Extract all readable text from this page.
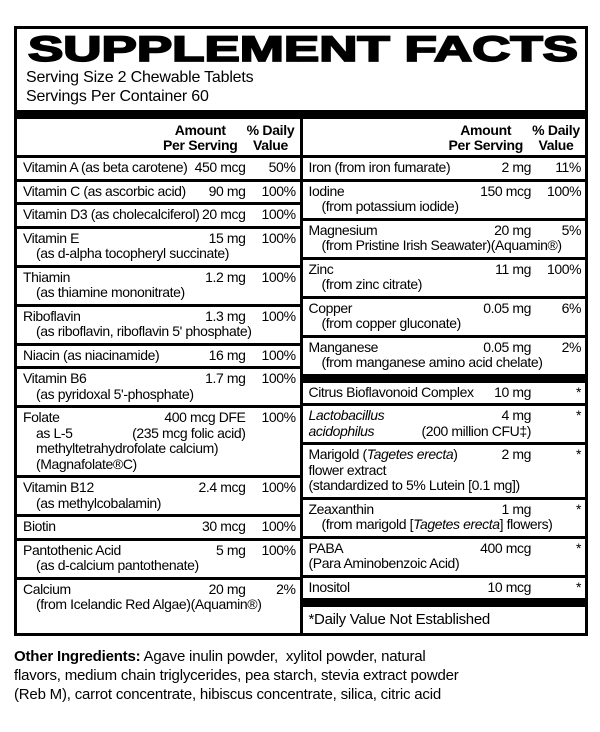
SUPPLEMENT FACTS
Serving Size 2 Chewable Tablets
Servings Per Container 60
Amount
Per Serving
% Daily
Value
Vitamin A (as beta carotene) 450 mcg	50%
Vitamin C (as ascorbic acid) 90 mg	100%
Vitamin D3 (as cholecalciferol) 20 mcg	100%
Vitamin E	15 mg	100%
(as d-alpha tocopheryl succinate)
Thiamin	1.2 mg	100%
(as thiamine mononitrate)
Riboflavin	1.3 mg	100%
(as riboflavin, riboflavin 5' phosphate)
Niacin (as niacinamide)	16 mg	100%
Vitamin B6	1.7 mg	100%
(as pyridoxal 5'-phosphate)
Folate	400 mcg DFE	100%
as L-5	(235 mcg folic acid)
methyltetrahydrofolate calcium)
(Magnafolate®C)
Vitamin B12	2.4 mcg	100%
(as methylcobalamin)
Biotin	30 mcg	100%
Pantothenic Acid	5 mg	100%
(as d-calcium pantothenate)
Calcium	20 mg	2%
(from Icelandic Red Algae)(Aquamin®)
Amount
Per Serving
% Daily
Value
Iron (from iron fumarate)	2 mg	11%
Iodine	150 mcg	100%
(from potassium iodide)
Magnesium	20 mg	5%
(from Pristine Irish Seawater)(Aquamin®)
Zinc	11 mg	100%
(from zinc citrate)
Copper	0.05 mg	6%
(from copper gluconate)
Manganese	0.05 mg	2%
(from manganese amino acid chelate)
Citrus Bioflavonoid Complex 10 mg	*
Lactobacillus	4 mg	*
acidophilus	(200 million CFU‡)
Marigold (Tagetes erecta)	2 mg	*
flower extract
(standardized to 5% Lutein [0.1 mg])
Zeaxanthin	1 mg	*
(from marigold [Tagetes erecta] flowers)
PABA	400 mcg	*
(Para Aminobenzoic Acid)
Inositol	10 mcg	*
*Daily Value Not Established
Other Ingredients: Agave inulin powder,  xylitol powder, natural flavors, medium chain triglycerides, pea starch, stevia extract powder (Reb M), carrot concentrate, hibiscus concentrate, silica, citric acid
